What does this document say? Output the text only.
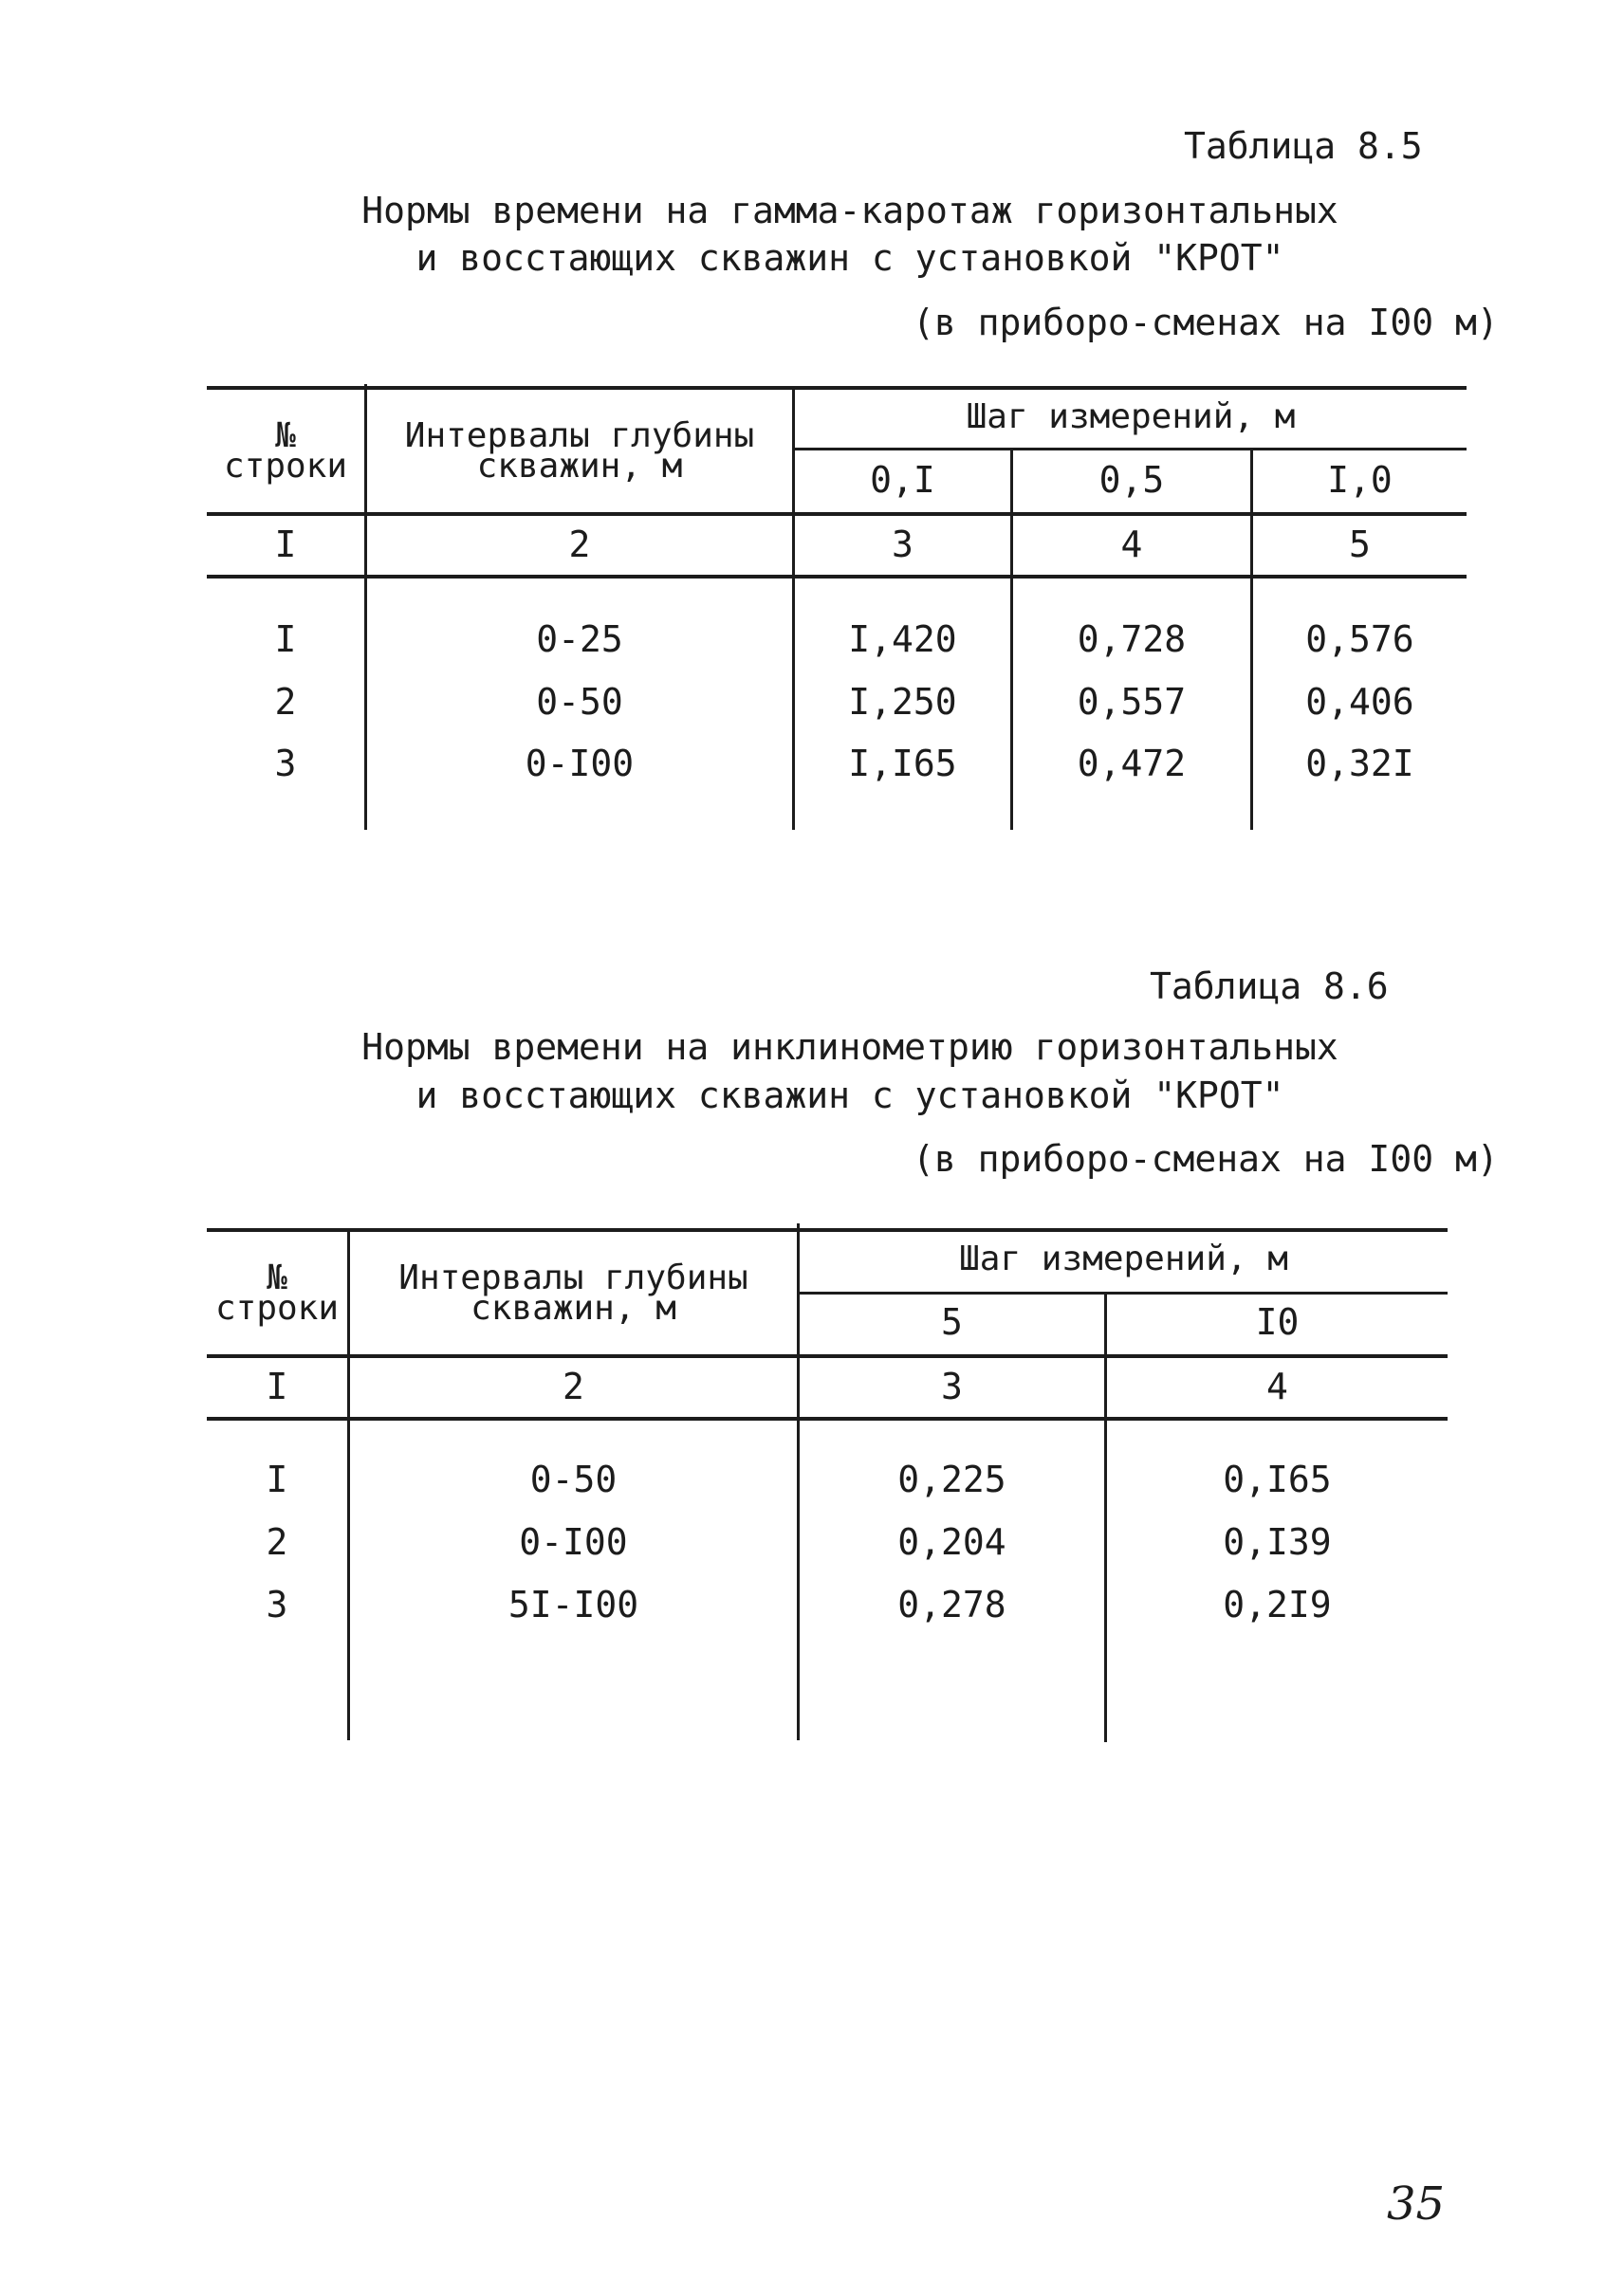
Таблица 8.5
Нормы времени на гамма-каротаж горизонтальных
и восстающих скважин с установкой "КРОТ"
(в приборо-сменах на I00 м)
№
строки
Интервалы глубины
скважин, м
Шаг измерений, м
0,I	0,5	I,0
I	2	3	4	5
I	0-25	I,420	0,728	0,576
2	0-50	I,250	0,557	0,406
3	0-I00	I,I65	0,472	0,32I
Таблица 8.6
Нормы времени на инклинометрию горизонтальных
и восстающих скважин с установкой "КРОТ"
(в приборо-сменах на I00 м)
№
строки
Интервалы глубины
скважин, м
Шаг измерений, м
5	I0
I	2	3	4
I	0-50	0,225	0,I65
2	0-I00	0,204	0,I39
3	5I-I00	0,278	0,2I9
35
